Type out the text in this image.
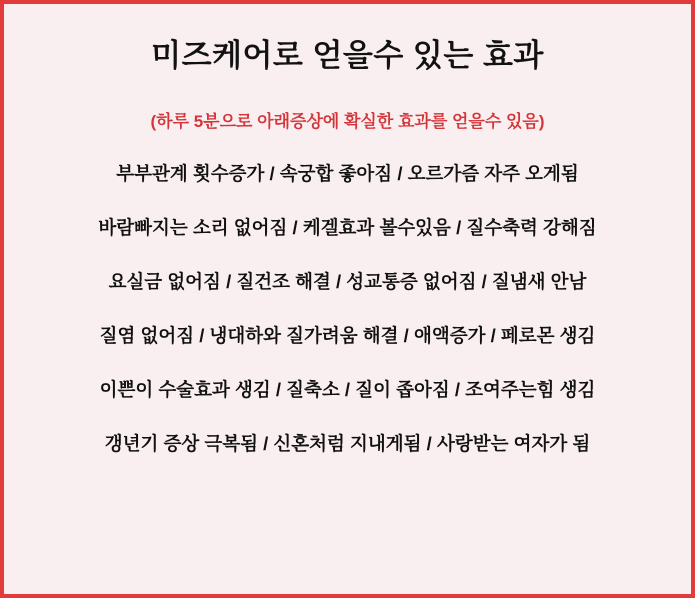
미즈케어로 얻을수 있는 효과
(하루 5분으로 아래증상에 확실한 효과를 얻을수 있음)
부부관계 횟수증가 / 속궁합 좋아짐 / 오르가즘 자주 오게됨
바람빠지는 소리 없어짐 / 케겔효과 볼수있음 / 질수축력 강해짐
요실금 없어짐 / 질건조 해결 / 성교통증 없어짐 / 질냄새 안남
질염 없어짐 / 냉대하와 질가려움 해결 / 애액증가 / 페로몬 생김
이쁜이 수술효과 생김 / 질축소 / 질이 좁아짐 / 조여주는힘 생김
갱년기 증상 극복됨 / 신혼처럼 지내게됨 / 사랑받는 여자가 됨
